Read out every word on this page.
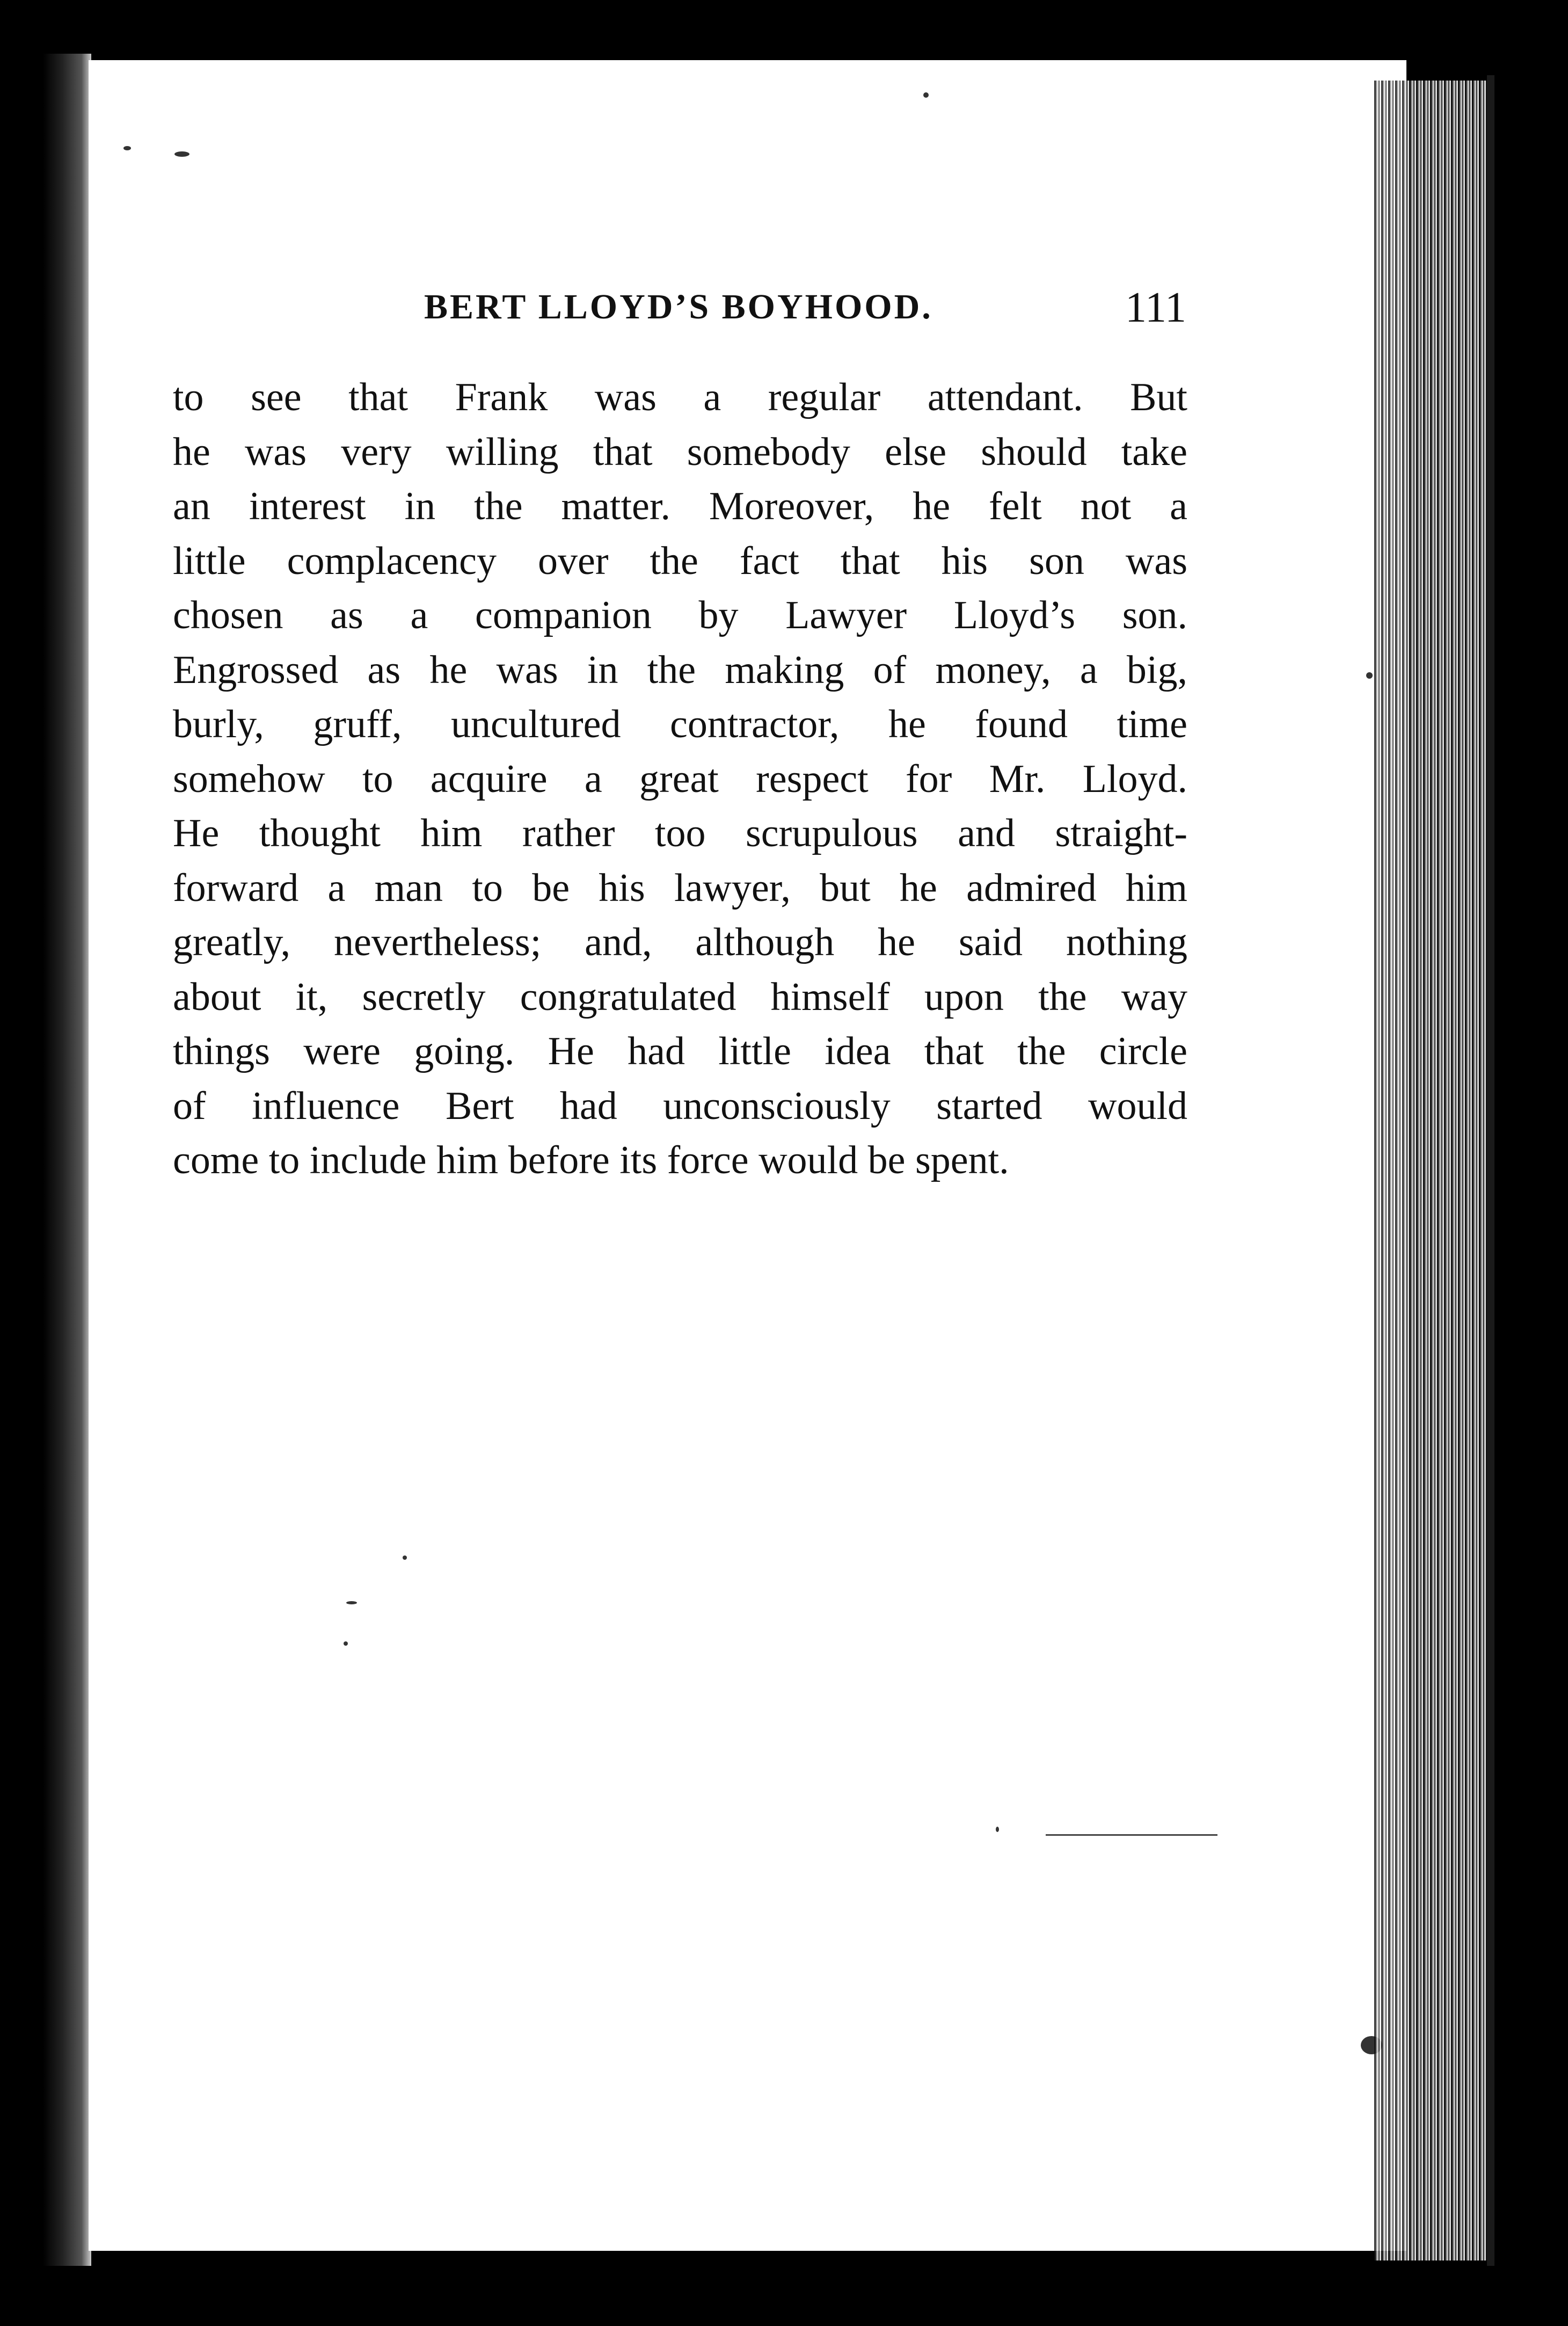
BERT LLOYD’S BOYHOOD.	111
to see that Frank was a regular attendant. But
he was very willing that somebody else should take
an interest in the matter. Moreover, he felt not a
little complacency over the fact that his son was
chosen as a companion by Lawyer Lloyd’s son.
Engrossed as he was in the making of money, a big,
burly, gruff, uncultured contractor, he found time
somehow to acquire a great respect for Mr. Lloyd.
He thought him rather too scrupulous and straight-
forward a man to be his lawyer, but he admired him
greatly, nevertheless; and, although he said nothing
about it, secretly congratulated himself upon the way
things were going. He had little idea that the circle
of influence Bert had unconsciously started would
come to include him before its force would be spent.
